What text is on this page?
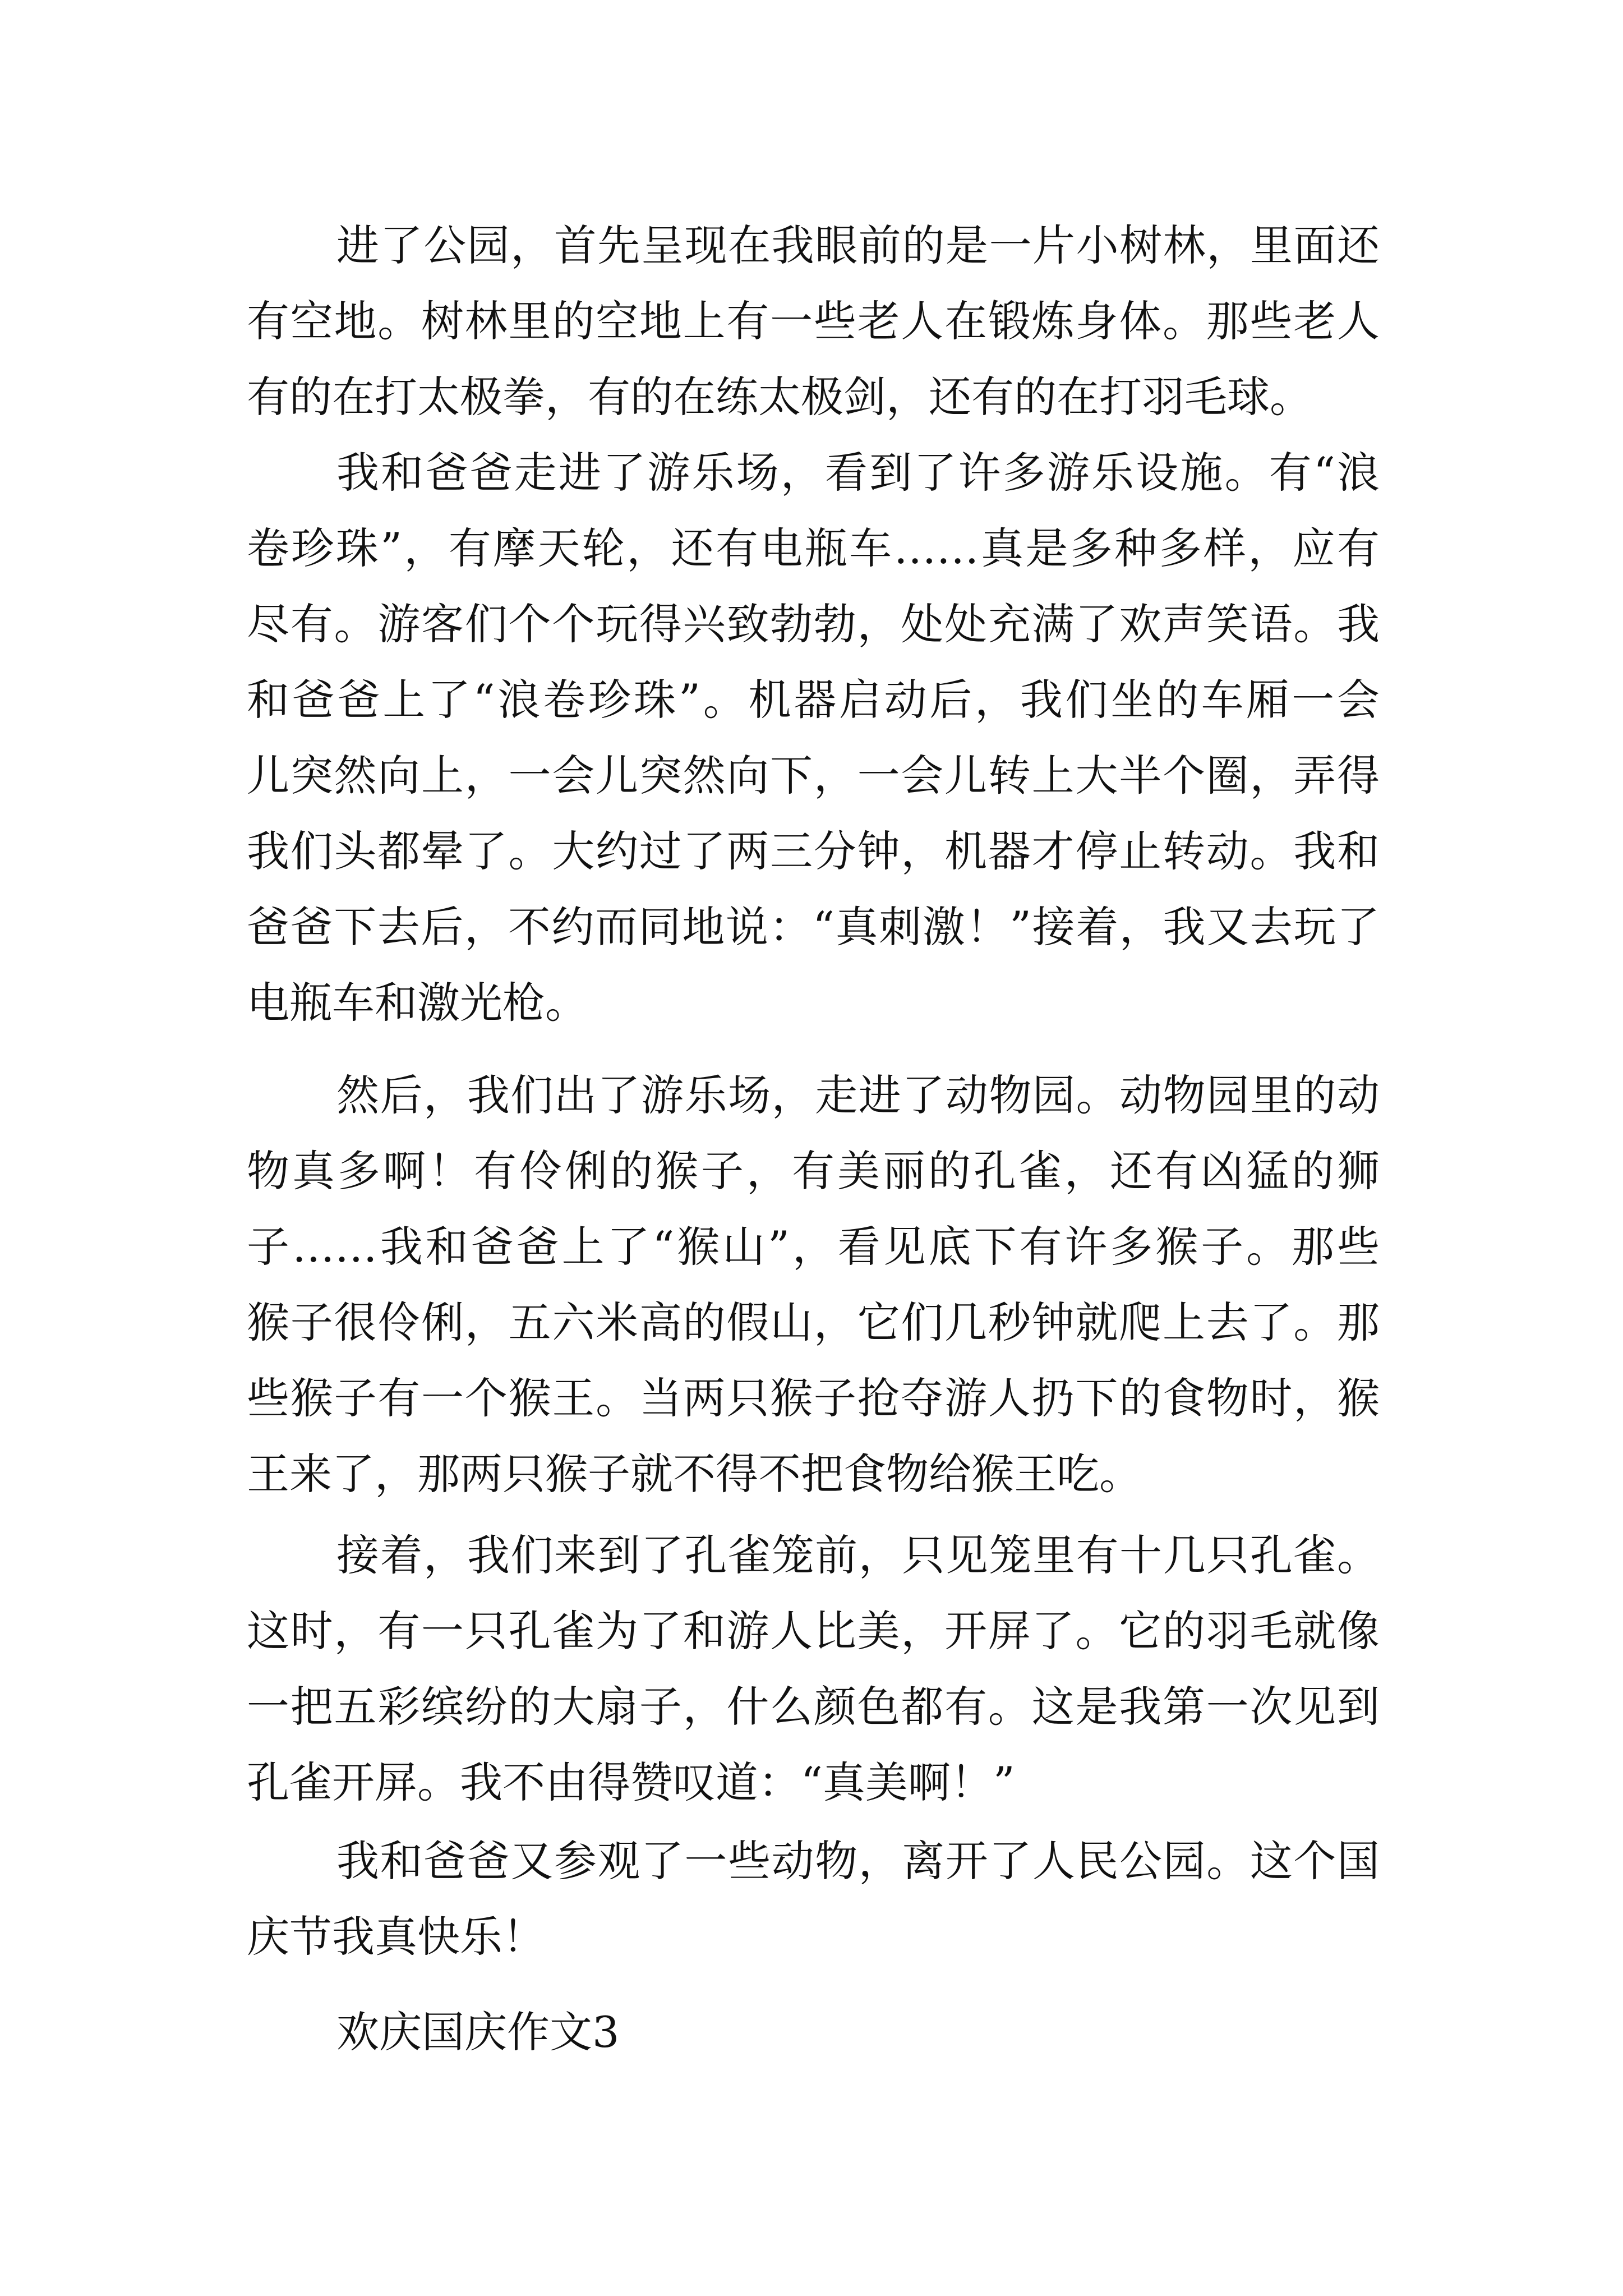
进了公园，首先呈现在我眼前的是一片小树林，里面还
有空地。树林里的空地上有一些老人在锻炼身体。那些老人
有的在打太极拳，有的在练太极剑，还有的在打羽毛球。
我和爸爸走进了游乐场，看到了许多游乐设施。有“浪
卷珍珠”，有摩天轮，还有电瓶车……真是多种多样，应有
尽有。游客们个个玩得兴致勃勃，处处充满了欢声笑语。我
和爸爸上了“浪卷珍珠”。机器启动后，我们坐的车厢一会
儿突然向上，一会儿突然向下，一会儿转上大半个圈，弄得
我们头都晕了。大约过了两三分钟，机器才停止转动。我和
爸爸下去后，不约而同地说：“真刺激！”接着，我又去玩了
电瓶车和激光枪。
然后，我们出了游乐场，走进了动物园。动物园里的动
物真多啊！有伶俐的猴子，有美丽的孔雀，还有凶猛的狮
子……我和爸爸上了“猴山”，看见底下有许多猴子。那些
猴子很伶俐，五六米高的假山，它们几秒钟就爬上去了。那
些猴子有一个猴王。当两只猴子抢夺游人扔下的食物时，猴
王来了，那两只猴子就不得不把食物给猴王吃。
接着，我们来到了孔雀笼前，只见笼里有十几只孔雀。
这时，有一只孔雀为了和游人比美，开屏了。它的羽毛就像
一把五彩缤纷的大扇子，什么颜色都有。这是我第一次见到
孔雀开屏。我不由得赞叹道：“真美啊！”
我和爸爸又参观了一些动物，离开了人民公园。这个国
庆节我真快乐！
欢庆国庆作文3
